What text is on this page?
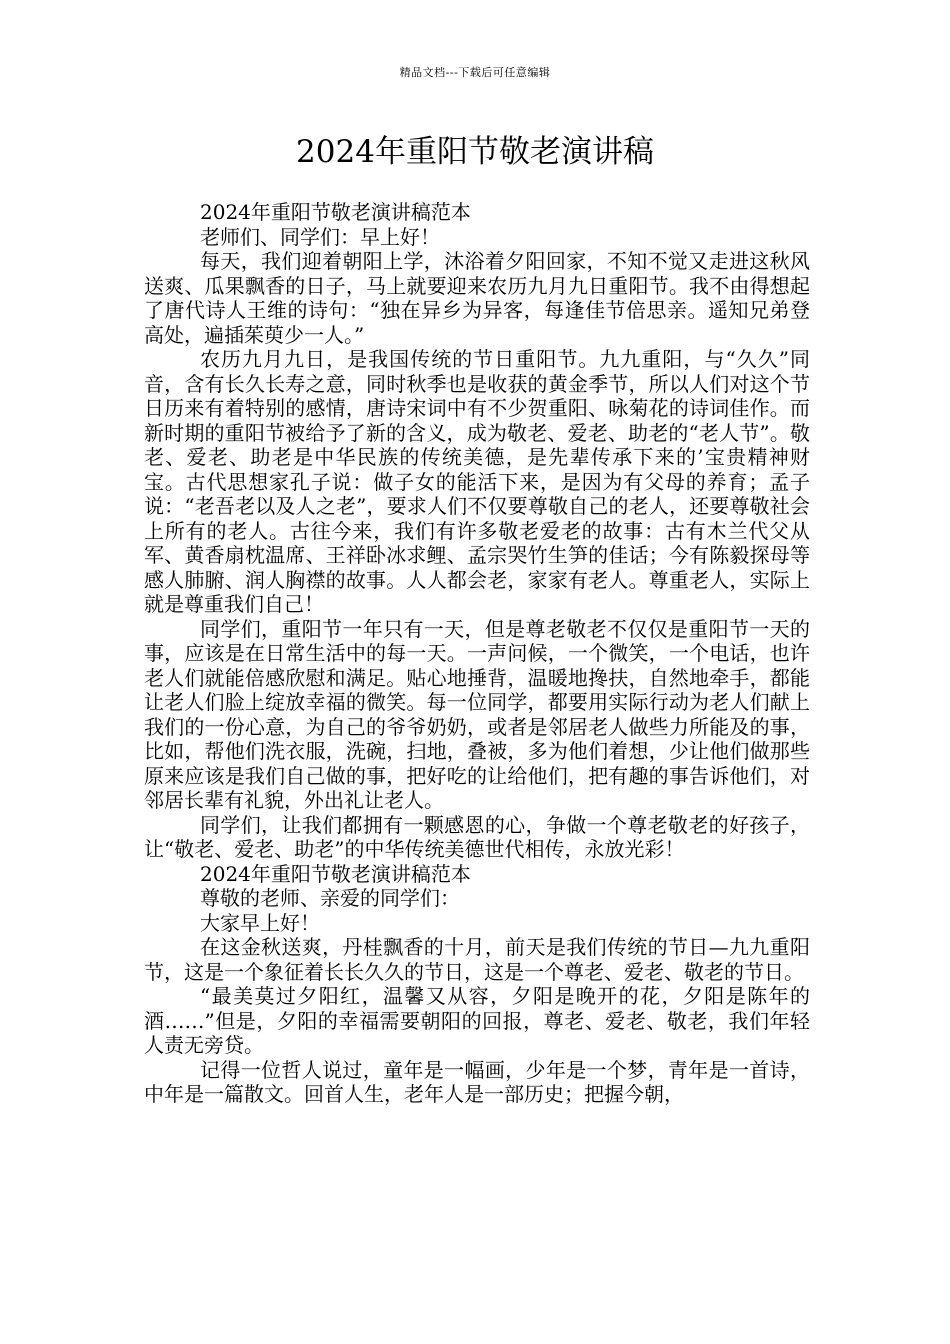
精品文档---下载后可任意编辑
2024年重阳节敬老演讲稿

2024年重阳节敬老演讲稿范本

老师们、同学们：早上好！

每天，我们迎着朝阳上学，沐浴着夕阳回家，不知不觉又走进这秋风送爽、瓜果飘香的日子，马上就要迎来农历九月九日重阳节。我不由得想起了唐代诗人王维的诗句：“独在异乡为异客，每逢佳节倍思亲。遥知兄弟登高处，遍插茱萸少一人。”

农历九月九日，是我国传统的节日重阳节。九九重阳，与“久久”同音，含有长久长寿之意，同时秋季也是收获的黄金季节，所以人们对这个节日历来有着特别的感情，唐诗宋词中有不少贺重阳、咏菊花的诗词佳作。而新时期的重阳节被给予了新的含义，成为敬老、爱老、助老的“老人节”。敬老、爱老、助老是中华民族的传统美德，是先辈传承下来的’宝贵精神财宝。古代思想家孔子说：做子女的能活下来，是因为有父母的养育；孟子说：“老吾老以及人之老”，要求人们不仅要尊敬自己的老人，还要尊敬社会上所有的老人。古往今来，我们有许多敬老爱老的故事：古有木兰代父从军、黄香扇枕温席、王祥卧冰求鲤、孟宗哭竹生笋的佳话；今有陈毅探母等感人肺腑、润人胸襟的故事。人人都会老，家家有老人。尊重老人，实际上就是尊重我们自己！

同学们，重阳节一年只有一天，但是尊老敬老不仅仅是重阳节一天的事，应该是在日常生活中的每一天。一声问候，一个微笑，一个电话，也许老人们就能倍感欣慰和满足。贴心地捶背，温暖地搀扶，自然地牵手，都能让老人们脸上绽放幸福的微笑。每一位同学，都要用实际行动为老人们献上我们的一份心意，为自己的爷爷奶奶，或者是邻居老人做些力所能及的事，比如，帮他们洗衣服，洗碗，扫地，叠被，多为他们着想，少让他们做那些原来应该是我们自己做的事，把好吃的让给他们，把有趣的事告诉他们，对邻居长辈有礼貌，外出礼让老人。

同学们，让我们都拥有一颗感恩的心，争做一个尊老敬老的好孩子，让“敬老、爱老、助老”的中华传统美德世代相传，永放光彩！

2024年重阳节敬老演讲稿范本

尊敬的老师、亲爱的同学们：

大家早上好！

在这金秋送爽，丹桂飘香的十月，前天是我们传统的节日—九九重阳节，这是一个象征着长长久久的节日，这是一个尊老、爱老、敬老的节日。

“最美莫过夕阳红，温馨又从容，夕阳是晚开的花，夕阳是陈年的酒……”但是，夕阳的幸福需要朝阳的回报，尊老、爱老、敬老，我们年轻人责无旁贷。

记得一位哲人说过，童年是一幅画，少年是一个梦，青年是一首诗，中年是一篇散文。回首人生，老年人是一部历史；把握今朝，
